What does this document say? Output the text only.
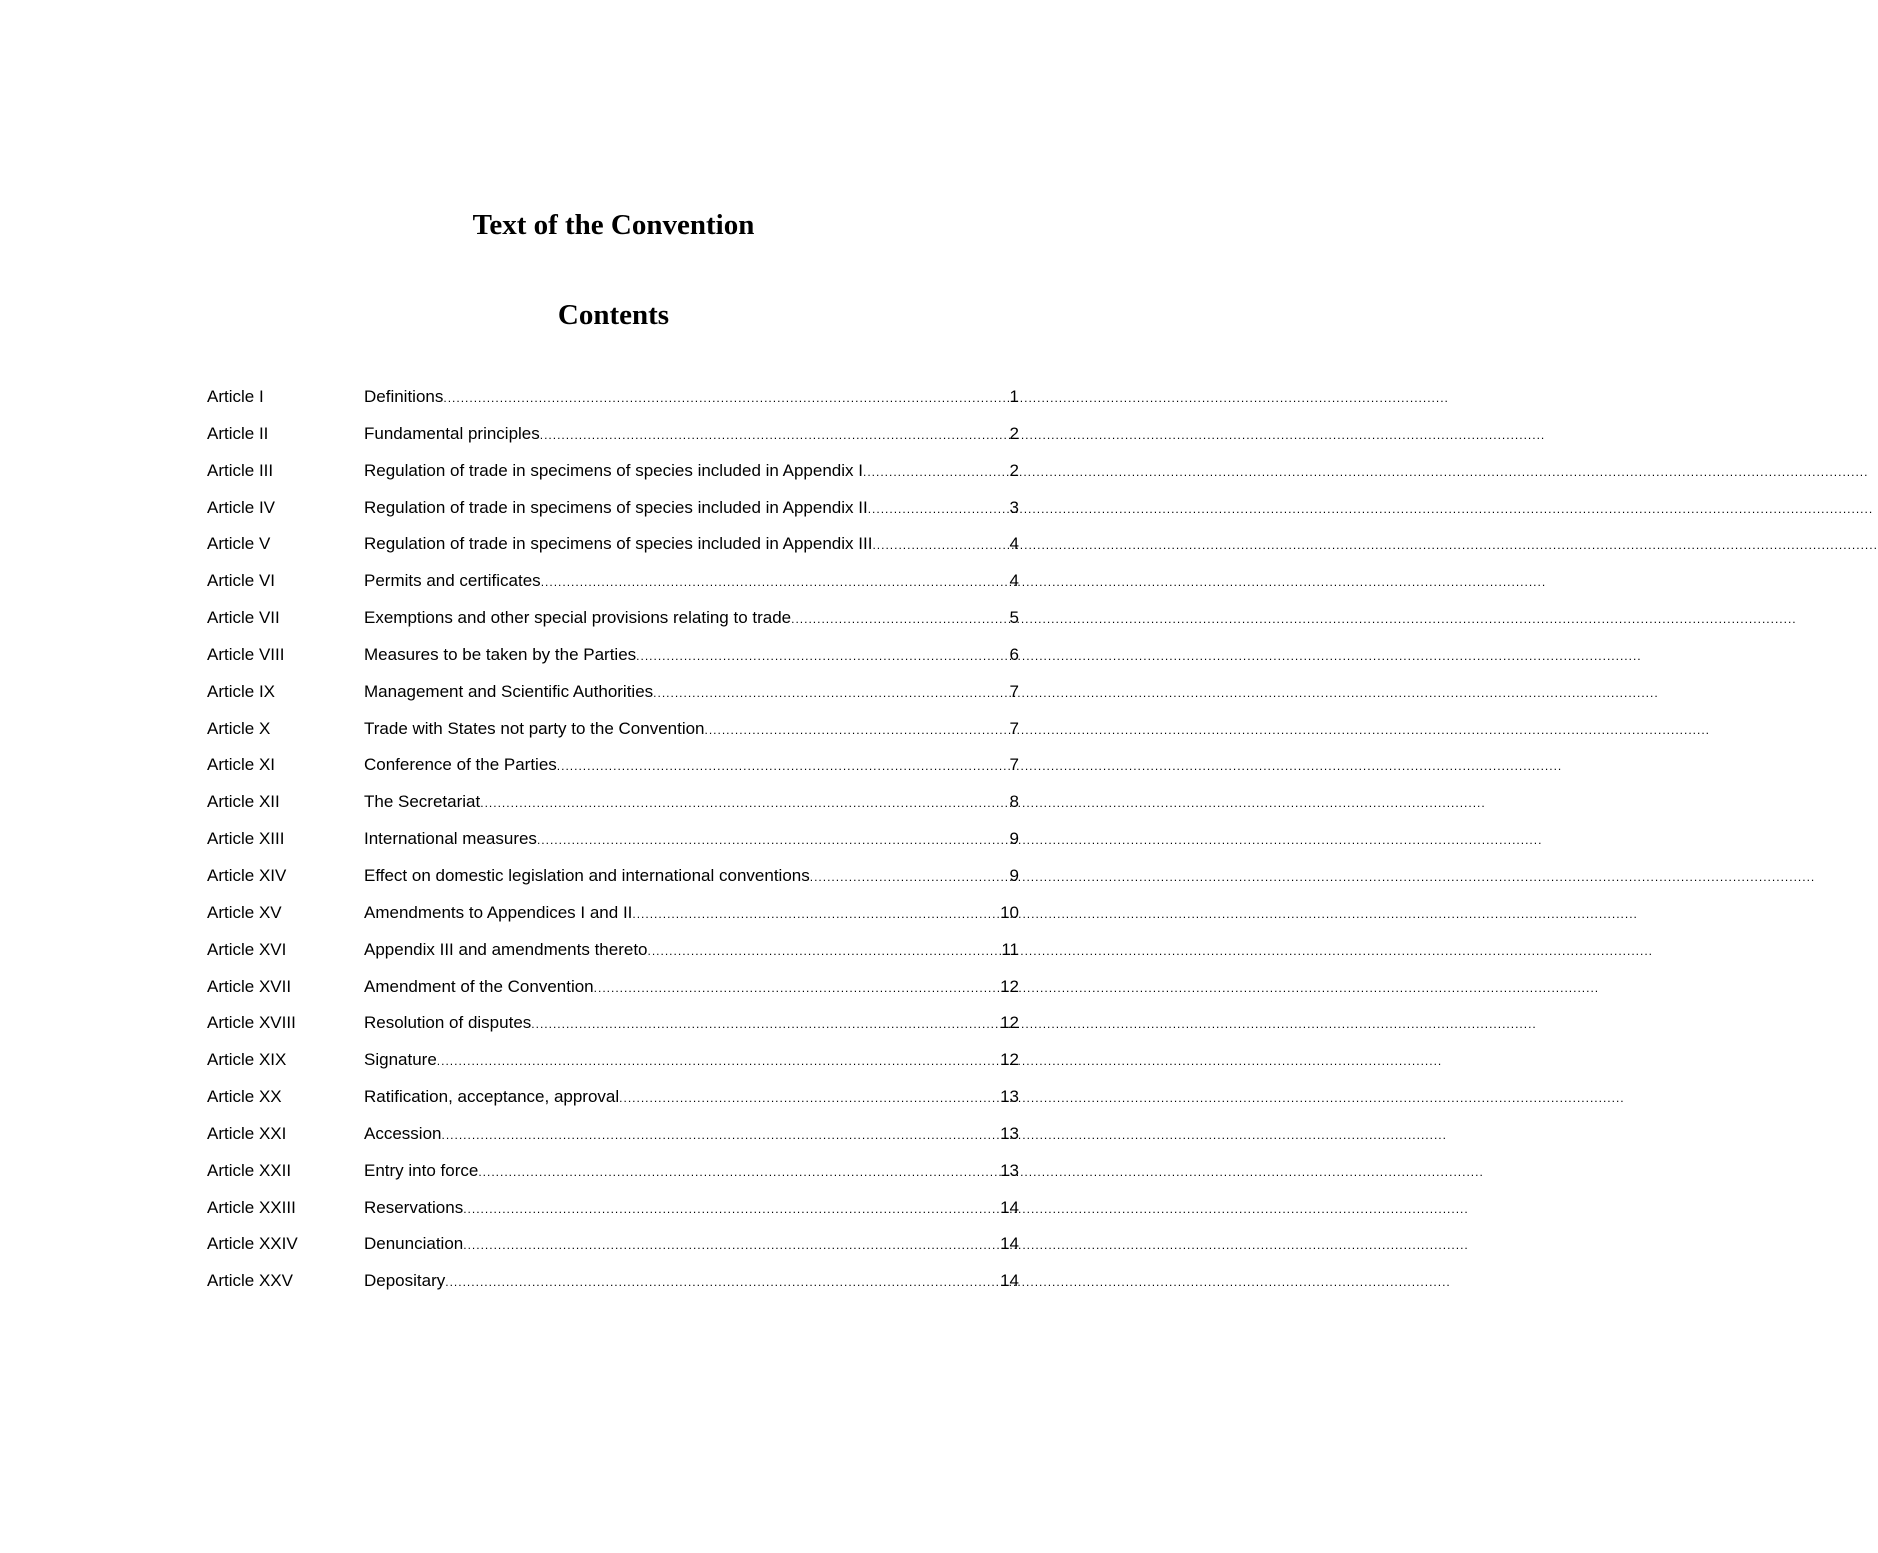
Text of the Convention
Contents
Article I	Definitions .....	1
Article II	Fundamental principles .....	2
Article III	Regulation of trade in specimens of species included in Appendix I .....	2
Article IV	Regulation of trade in specimens of species included in Appendix II .....	3
Article V	Regulation of trade in specimens of species included in Appendix III .....	4
Article VI	Permits and certificates .....	4
Article VII	Exemptions and other special provisions relating to trade .....	5
Article VIII	Measures to be taken by the Parties .....	6
Article IX	Management and Scientific Authorities .....	7
Article X	Trade with States not party to the Convention .....	7
Article XI	Conference of the Parties .....	7
Article XII	The Secretariat .....	8
Article XIII	International measures .....	9
Article XIV	Effect on domestic legislation and international conventions .....	9
Article XV	Amendments to Appendices I and II .....	10
Article XVI	Appendix III and amendments thereto .....	11
Article XVII	Amendment of the Convention .....	12
Article XVIII	Resolution of disputes .....	12
Article XIX	Signature .....	12
Article XX	Ratification, acceptance, approval .....	13
Article XXI	Accession .....	13
Article XXII	Entry into force .....	13
Article XXIII	Reservations .....	14
Article XXIV	Denunciation .....	14
Article XXV	Depositary .....	14
